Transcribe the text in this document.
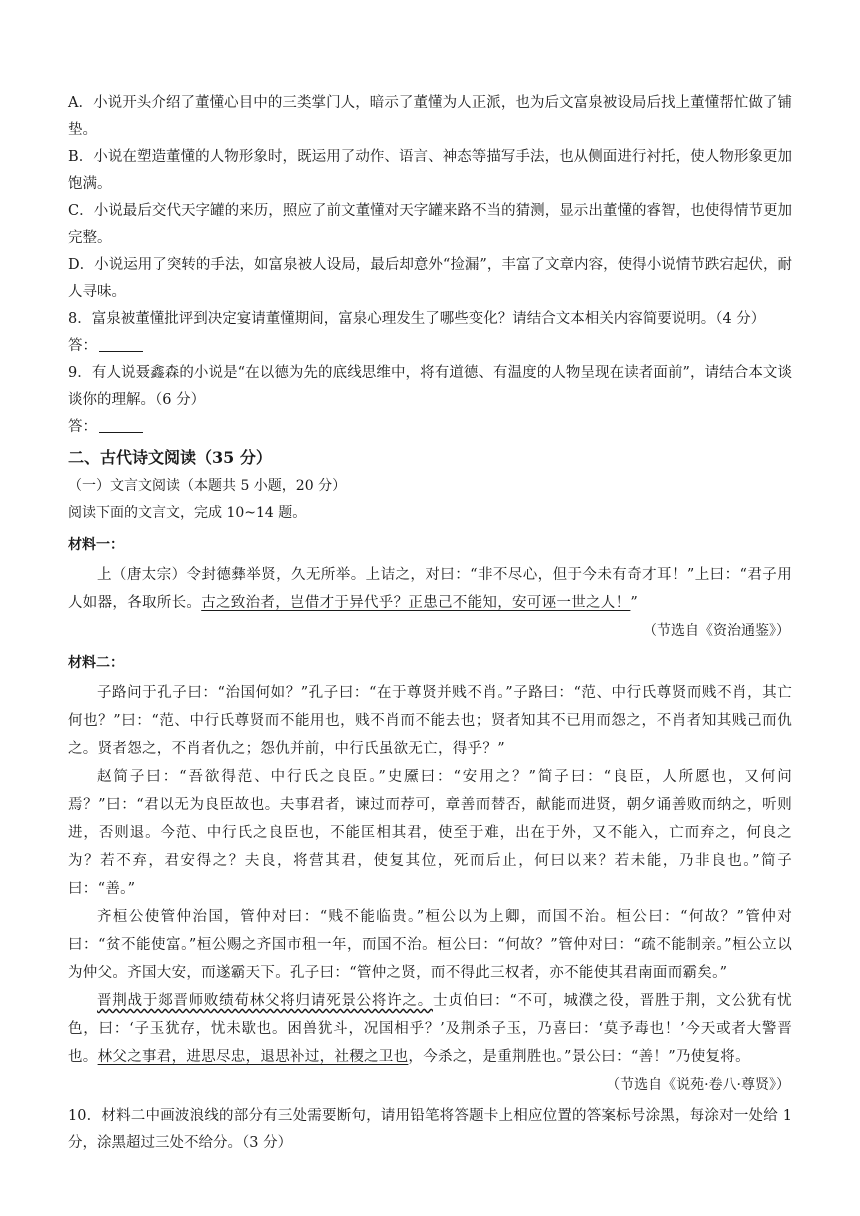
A．小说开头介绍了董懂心目中的三类掌门人，暗示了董懂为人正派，也为后文富泉被设局后找上董懂帮忙做了铺垫。

B．小说在塑造董懂的人物形象时，既运用了动作、语言、神态等描写手法，也从侧面进行衬托，使人物形象更加饱满。

C．小说最后交代天字罐的来历，照应了前文董懂对天字罐来路不当的猜测，显示出董懂的睿智，也使得情节更加完整。

D．小说运用了突转的手法，如富泉被人设局，最后却意外“捡漏”，丰富了文章内容，使得小说情节跌宕起伏，耐人寻味。

8．富泉被董懂批评到决定宴请董懂期间，富泉心理发生了哪些变化？请结合文本相关内容简要说明。（4 分）

答：

9．有人说聂鑫森的小说是“在以德为先的底线思维中，将有道德、有温度的人物呈现在读者面前”，请结合本文谈谈你的理解。（6 分）

答：

二、古代诗文阅读（35 分）

（一）文言文阅读（本题共 5 小题，20 分）

阅读下面的文言文，完成 10~14 题。

材料一：

上（唐太宗）令封德彝举贤，久无所举。上诘之，对曰：“非不尽心，但于今未有奇才耳！”上曰：“君子用人如器，各取所长。古之致治者，岂借才于异代乎？正患己不能知，安可诬一世之人！”

（节选自《资治通鉴》）

材料二：

子路问于孔子曰：“治国何如？”孔子曰：“在于尊贤并贱不肖。”子路曰：“范、中行氏尊贤而贱不肖，其亡何也？”曰：“范、中行氏尊贤而不能用也，贱不肖而不能去也；贤者知其不已用而怨之，不肖者知其贱己而仇之。贤者怨之，不肖者仇之；怨仇并前，中行氏虽欲无亡，得乎？”

赵简子曰：“吾欲得范、中行氏之良臣。”史黡曰：“安用之？”简子曰：“良臣，人所愿也，又何问焉？”曰：“君以无为良臣故也。夫事君者，谏过而荐可，章善而替否，献能而进贤，朝夕诵善败而纳之，听则进，否则退。今范、中行氏之良臣也，不能匡相其君，使至于难，出在于外，又不能入，亡而弃之，何良之为？若不弃，君安得之？夫良，将营其君，使复其位，死而后止，何曰以来？若未能，乃非良也。”简子曰：“善。”

齐桓公使管仲治国，管仲对曰：“贱不能临贵。”桓公以为上卿，而国不治。桓公曰：“何故？”管仲对曰：“贫不能使富。”桓公赐之齐国市租一年，而国不治。桓公曰：“何故？”管仲对曰：“疏不能制亲。”桓公立以为仲父。齐国大安，而遂霸天下。孔子曰：“管仲之贤，而不得此三权者，亦不能使其君南面而霸矣。”

晋荆战于郯晋师败绩荀林父将归请死景公将许之。士贞伯曰：“不可，城濮之役，晋胜于荆，文公犹有忧色，曰：‘子玉犹存，忧未歇也。困兽犹斗，况国相乎？’及荆杀子玉，乃喜曰：‘莫予毒也！’今天或者大警晋也。林父之事君，进思尽忠，退思补过，社稷之卫也，今杀之，是重荆胜也。”景公曰：“善！”乃使复将。

（节选自《说苑·卷八·尊贤》）

10．材料二中画波浪线的部分有三处需要断句，请用铅笔将答题卡上相应位置的答案标号涂黑，每涂对一处给 1 分，涂黑超过三处不给分。（3 分）
